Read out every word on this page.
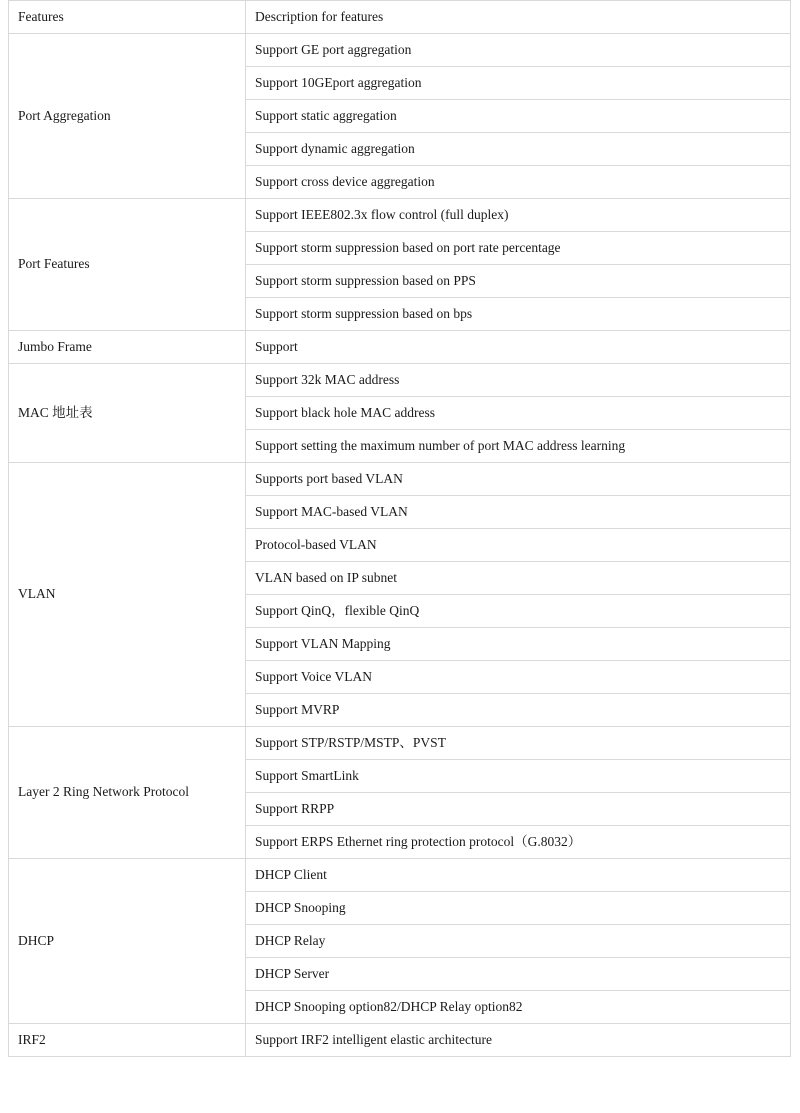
Features	Description for features
Port Aggregation	Support GE port aggregation
	Support 10GEport aggregation
	Support static aggregation
	Support dynamic aggregation
	Support cross device aggregation
Port Features	Support IEEE802.3x flow control (full duplex)
	Support storm suppression based on port rate percentage
	Support storm suppression based on PPS
	Support storm suppression based on bps
Jumbo Frame	Support
MAC 地址表	Support 32k MAC address
	Support black hole MAC address
	Support setting the maximum number of port MAC address learning
VLAN	Supports port based VLAN
	Support MAC-based VLAN
	Protocol-based VLAN
	VLAN based on IP subnet
	Support QinQ，flexible QinQ
	Support VLAN Mapping
	Support Voice VLAN
	Support MVRP
Layer 2 Ring Network Protocol	Support STP/RSTP/MSTP、PVST
	Support SmartLink
	Support RRPP
	Support ERPS Ethernet ring protection protocol（G.8032）
DHCP	DHCP Client
	DHCP Snooping
	DHCP Relay
	DHCP Server
	DHCP Snooping option82/DHCP Relay option82
IRF2	Support IRF2 intelligent elastic architecture
